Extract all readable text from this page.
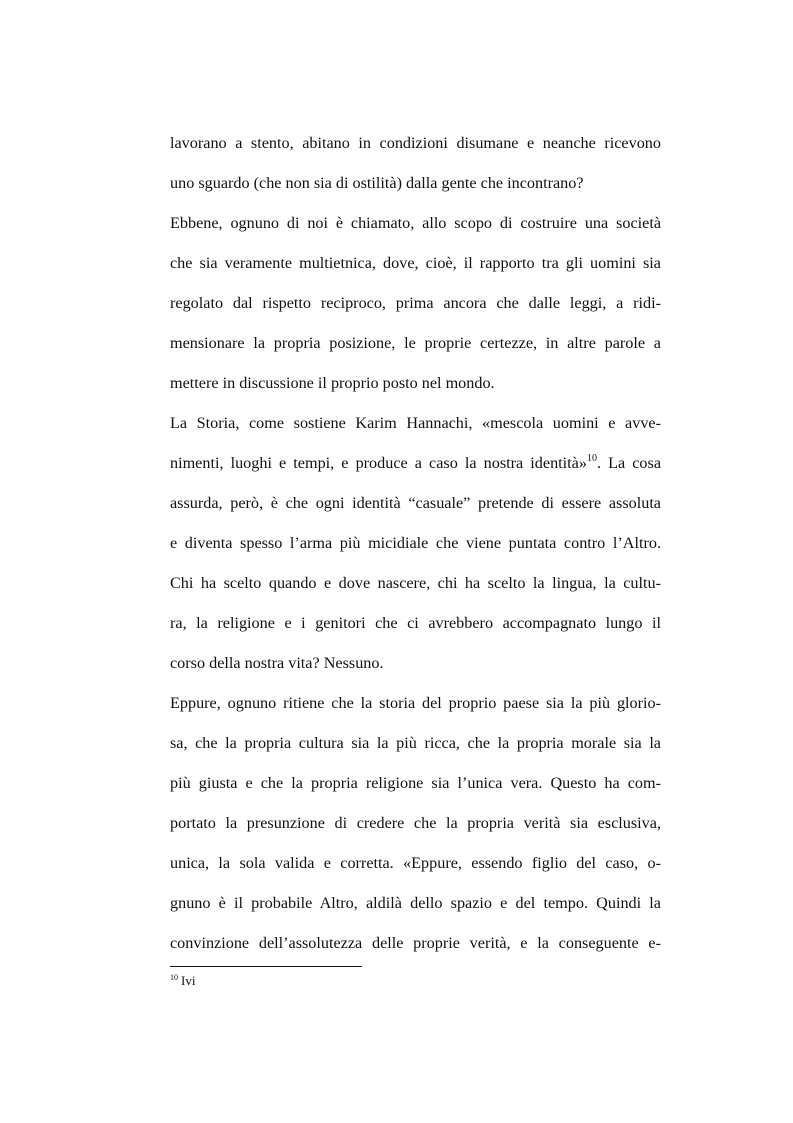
lavorano a stento, abitano in condizioni disumane e neanche ricevono
uno sguardo (che non sia di ostilità) dalla gente che incontrano?
Ebbene, ognuno di noi è chiamato, allo scopo di costruire una società
che sia veramente multietnica, dove, cioè, il rapporto tra gli uomini sia
regolato dal rispetto reciproco, prima ancora che dalle leggi, a ridi-
mensionare la propria posizione, le proprie certezze, in altre parole a
mettere in discussione il proprio posto nel mondo.
La Storia, come sostiene Karim Hannachi, «mescola uomini e avve-
nimenti, luoghi e tempi, e produce a caso la nostra identità»$^{10}$. La cosa
assurda, però, è che ogni identità “casuale” pretende di essere assoluta
e diventa spesso l’arma più micidiale che viene puntata contro l’Altro.
Chi ha scelto quando e dove nascere, chi ha scelto la lingua, la cultu-
ra, la religione e i genitori che ci avrebbero accompagnato lungo il
corso della nostra vita? Nessuno.
Eppure, ognuno ritiene che la storia del proprio paese sia la più glorio-
sa, che la propria cultura sia la più ricca, che la propria morale sia la
più giusta e che la propria religione sia l’unica vera. Questo ha com-
portato la presunzione di credere che la propria verità sia esclusiva,
unica, la sola valida e corretta. «Eppure, essendo figlio del caso, o-
gnuno è il probabile Altro, aldilà dello spazio e del tempo. Quindi la
convinzione dell’assolutezza delle proprie verità, e la conseguente e-
$^{10}$ Ivi
